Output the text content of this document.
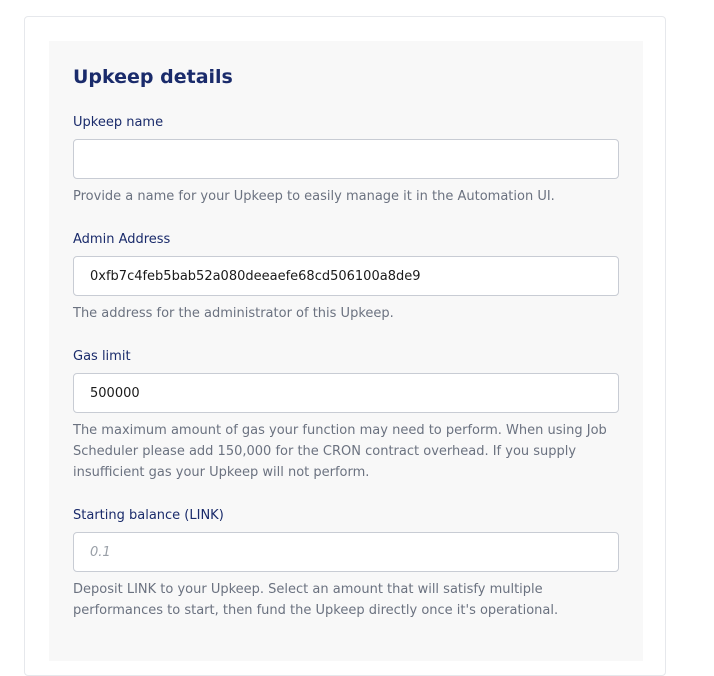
Upkeep details
Upkeep name

Provide a name for your Upkeep to easily manage it in the Automation UI.

Admin Address
0xfb7c4feb5bab52a080deeaefe68cd506100a8de9

The address for the administrator of this Upkeep.

Gas limit
500000

The maximum amount of gas your function may need to perform. When using Job Scheduler please add 150,000 for the CRON contract overhead. If you supply insufficient gas your Upkeep will not perform.

Starting balance (LINK)
0.1

Deposit LINK to your Upkeep. Select an amount that will satisfy multiple performances to start, then fund the Upkeep directly once it's operational.
